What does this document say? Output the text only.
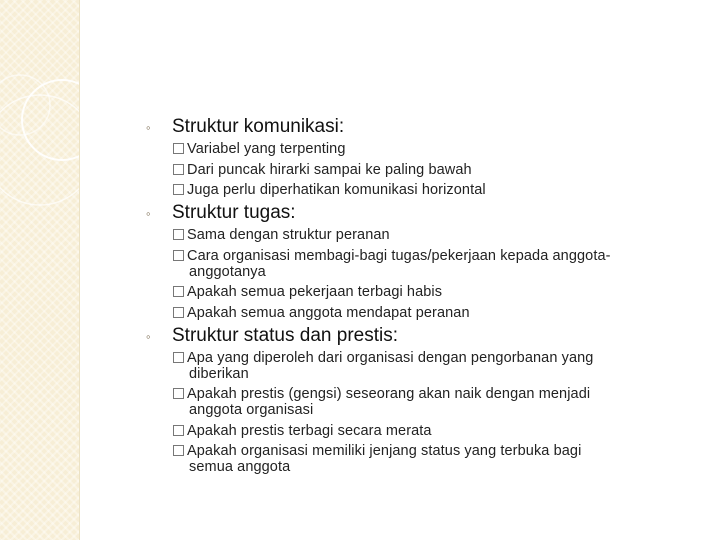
◦ Struktur komunikasi:
Variabel yang terpenting
Dari puncak hirarki sampai ke paling bawah
Juga perlu diperhatikan komunikasi horizontal
◦ Struktur tugas:
Sama dengan struktur peranan
Cara organisasi membagi-bagi tugas/pekerjaan kepada anggota-
anggotanya
Apakah semua pekerjaan terbagi habis
Apakah semua anggota mendapat peranan
◦ Struktur status dan prestis:
Apa yang diperoleh dari organisasi dengan pengorbanan yang
diberikan
Apakah prestis (gengsi) seseorang akan naik dengan menjadi
anggota organisasi
Apakah prestis terbagi secara merata
Apakah organisasi memiliki jenjang status yang terbuka bagi
semua anggota
